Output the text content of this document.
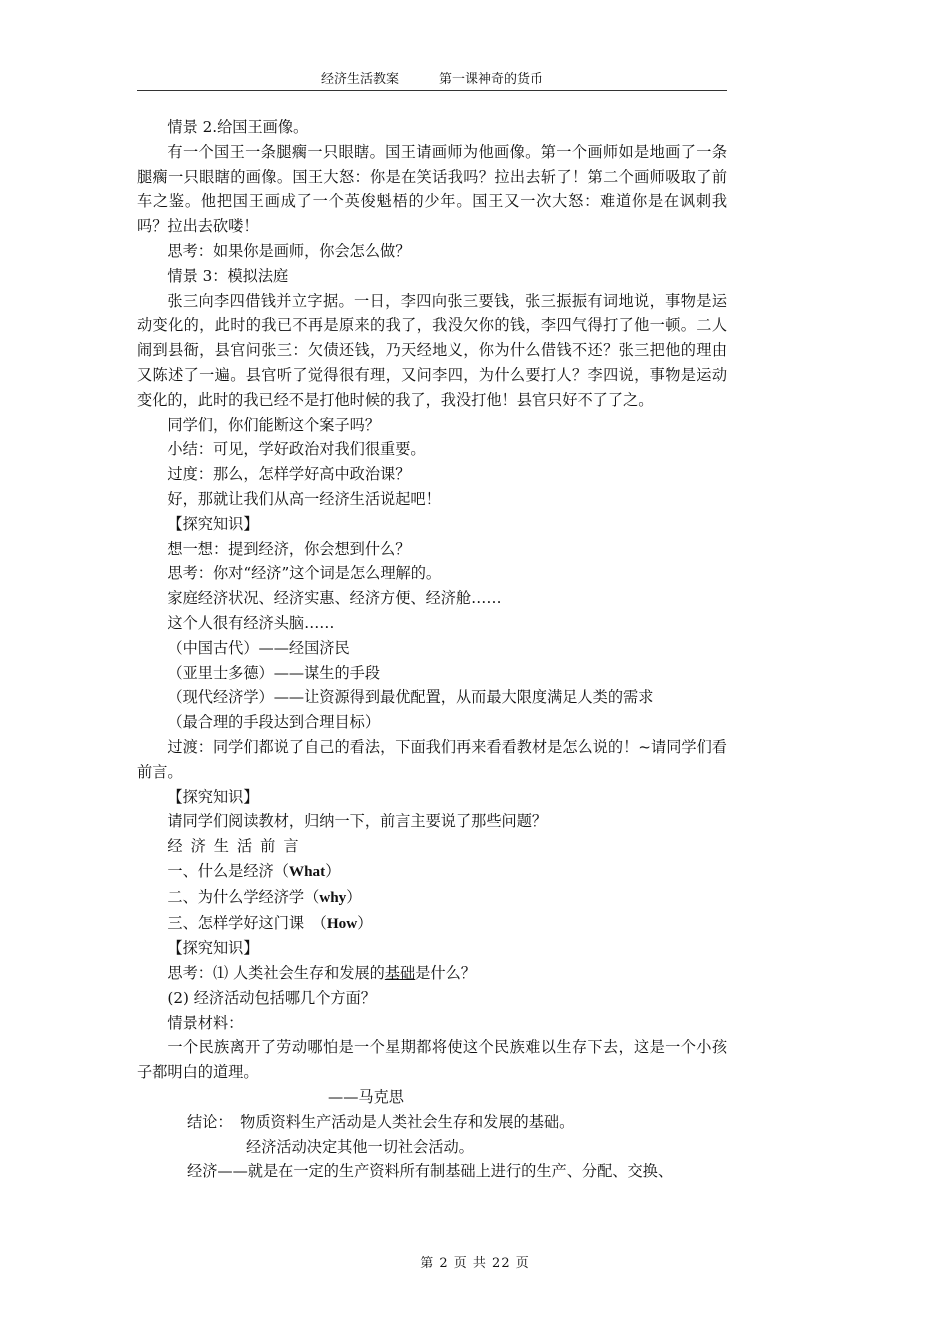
经济生活教案	第一课神奇的货币

情景 2.给国王画像。

有一个国王一条腿瘸一只眼瞎。国王请画师为他画像。第一个画师如是地画了一条腿瘸一只眼瞎的画像。国王大怒：你是在笑话我吗？拉出去斩了！第二个画师吸取了前车之鉴。他把国王画成了一个英俊魁梧的少年。国王又一次大怒：难道你是在讽刺我吗？拉出去砍喽！

思考：如果你是画师，你会怎么做？

情景 3：模拟法庭

张三向李四借钱并立字据。一日，李四向张三要钱，张三振振有词地说，事物是运动变化的，此时的我已不再是原来的我了，我没欠你的钱，李四气得打了他一顿。二人闹到县衙，县官问张三：欠债还钱，乃天经地义，你为什么借钱不还？张三把他的理由又陈述了一遍。县官听了觉得很有理，又问李四，为什么要打人？李四说，事物是运动变化的，此时的我已经不是打他时候的我了，我没打他！县官只好不了了之。

同学们，你们能断这个案子吗？

小结：可见，学好政治对我们很重要。

过度：那么，怎样学好高中政治课？

好，那就让我们从高一经济生活说起吧！

【探究知识】

想一想：提到经济，你会想到什么？

思考：你对“经济”这个词是怎么理解的。

家庭经济状况、经济实惠、经济方便、经济舱……

这个人很有经济头脑……

（中国古代）——经国济民

（亚里士多德）——谋生的手段

（现代经济学）——让资源得到最优配置，从而最大限度满足人类的需求

（最合理的手段达到合理目标）

过渡：同学们都说了自己的看法，下面我们再来看看教材是怎么说的！~请同学们看前言。

【探究知识】

请同学们阅读教材，归纳一下，前言主要说了那些问题？

经济生活前言

一、什么是经济（What）

二、为什么学经济学（why）

三、怎样学好这门课　（How）

【探究知识】

思考：⑴ 人类社会生存和发展的基础是什么？

(2) 经济活动包括哪几个方面？

情景材料：

一个民族离开了劳动哪怕是一个星期都将使这个民族难以生存下去，这是一个小孩子都明白的道理。

——马克思

结论：　物质资料生产活动是人类社会生存和发展的基础。

经济活动决定其他一切社会活动。

经济——就是在一定的生产资料所有制基础上进行的生产、分配、交换、

第 2 页 共 22 页
